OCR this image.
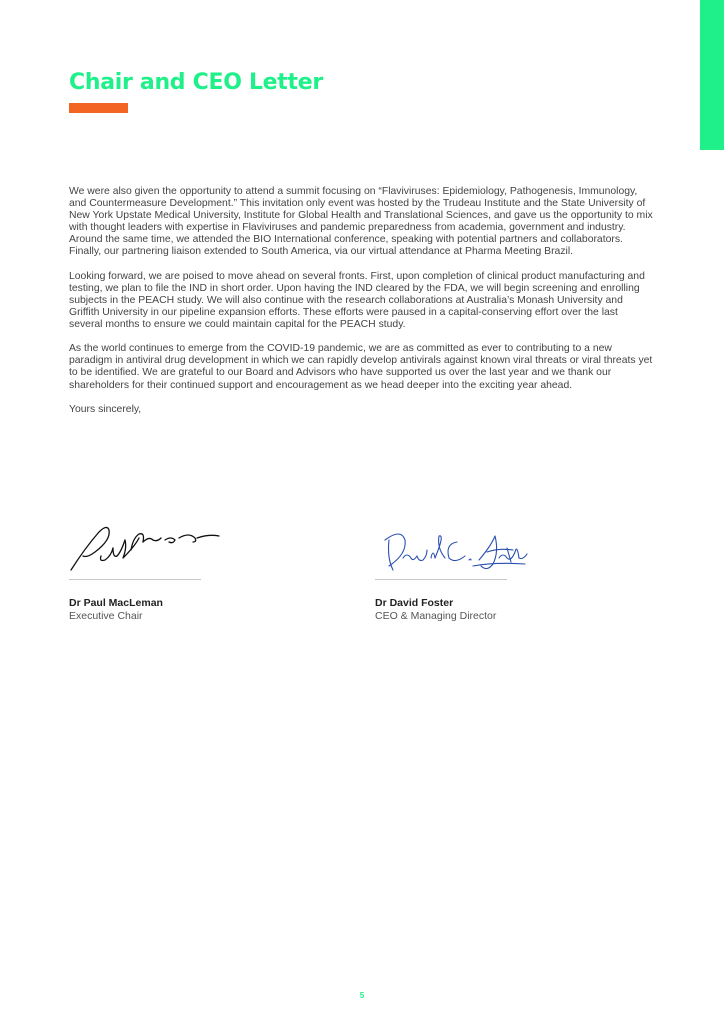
Chair and CEO Letter

We were also given the opportunity to attend a summit focusing on “Flaviviruses: Epidemiology, Pathogenesis, Immunology, and Countermeasure Development.” This invitation only event was hosted by the Trudeau Institute and the State University of New York Upstate Medical University, Institute for Global Health and Translational Sciences, and gave us the opportunity to mix with thought leaders with expertise in Flaviviruses and pandemic preparedness from academia, government and industry. Around the same time, we attended the BIO International conference, speaking with potential partners and collaborators. Finally, our partnering liaison extended to South America, via our virtual attendance at Pharma Meeting Brazil.

Looking forward, we are poised to move ahead on several fronts. First, upon completion of clinical product manufacturing and testing, we plan to file the IND in short order. Upon having the IND cleared by the FDA, we will begin screening and enrolling subjects in the PEACH study. We will also continue with the research collaborations at Australia’s Monash University and Griffith University in our pipeline expansion efforts. These efforts were paused in a capital-conserving effort over the last several months to ensure we could maintain capital for the PEACH study.

As the world continues to emerge from the COVID-19 pandemic, we are as committed as ever to contributing to a new paradigm in antiviral drug development in which we can rapidly develop antivirals against known viral threats or viral threats yet to be identified. We are grateful to our Board and Advisors who have supported us over the last year and we thank our shareholders for their continued support and encouragement as we head deeper into the exciting year ahead.

Yours sincerely,

Dr Paul MacLeman
Executive Chair
Dr David Foster
CEO & Managing Director
5
